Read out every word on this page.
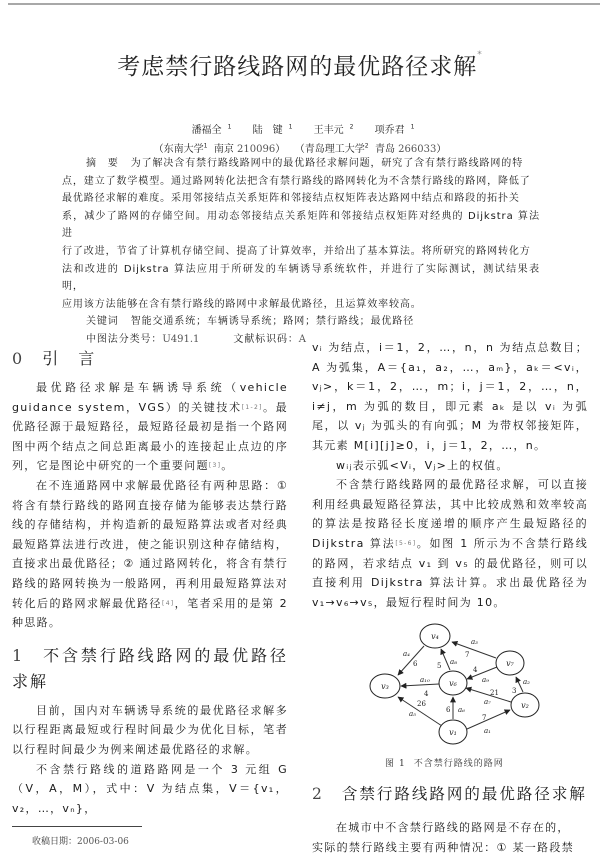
考虑禁行路线路网的最优路径求解*
潘福全 $^1$ 陆　键 $^1$ 王丰元 $^2$ 项乔君 $^1$
（东南大学$^1$ 南京 210096） （青岛理工大学$^2$ 青岛 266033）
摘　要 为了解决含有禁行路线路网中的最优路径求解问题，研究了含有禁行路线路网的特
点，建立了数学模型。通过路网转化法把含有禁行路线的路网转化为不含禁行路线的路网，降低了
最优路径求解的难度。采用邻接结点关系矩阵和邻接结点权矩阵表达路网中结点和路段的拓扑关
系，减少了路网的存储空间。用动态邻接结点关系矩阵和邻接结点权矩阵对经典的 Dijkstra 算法进
行了改进，节省了计算机存储空间、提高了计算效率，并给出了基本算法。将所研究的路网转化方
法和改进的 Dijkstra 算法应用于所研发的车辆诱导系统软件，并进行了实际测试，测试结果表明，
应用该方法能够在含有禁行路线的路网中求解最优路径，且运算效率较高。
关键词 智能交通系统；车辆诱导系统；路网；禁行路线；最优路径
中图法分类号：U491.1	文献标识码：A
0 引　言

最优路径求解是车辆诱导系统（vehicle guidance system，VGS）的关键技术[1-2]。最优路径源于最短路径，最短路径最初是指一个路网图中两个结点之间总距离最小的连接起止点边的序列，它是图论中研究的一个重要问题[3]。

在不连通路网中求解最优路径有两种思路：① 将含有禁行路线的路网直接存储为能够表达禁行路线的存储结构，并构造新的最短路算法或者对经典最短路算法进行改进，使之能识别这种存储结构，直接求出最优路径；② 通过路网转化，将含有禁行路线的路网转换为一般路网，再利用最短路算法对转化后的路网求解最优路径[4]，笔者采用的是第 2 种思路。

1 不含禁行路线路网的最优路径求解

目前，国内对车辆诱导系统的最优路径求解多以行程距离最短或行程时间最少为优化目标，笔者以行程时间最少为例来阐述最优路径的求解。

不含禁行路线的道路路网是一个 3 元组 G（V，A，M），式中：V 为结点集，V＝{v₁，v₂，…，vₙ}，

收稿日期：2006-03-06

vᵢ 为结点，i＝1，2，…，n，n 为结点总数目；A 为弧集，A＝{a₁，a₂，…，aₘ}，aₖ＝<vᵢ，vⱼ>，k＝1，2，…，m；i，j＝1，2，…，n，i≠j，m 为弧的数目，即元素 aₖ 是以 vᵢ 为弧尾，以 vⱼ 为弧头的有向弧；M 为带权邻接矩阵，其元素 M[i][j]≥0，i，j＝1，2，…，n。

wᵢⱼ表示弧<Vᵢ，Vⱼ>上的权值。

不含禁行路线路网的最优路径求解，可以直接利用经典最短路径算法，其中比较成熟和效率较高的算法是按路径长度递增的顺序产生最短路径的 Dijkstra 算法[5-6]。如图 1 所示为不含禁行路线的路网，若求结点 v₁ 到 v₅ 的最优路径，则可以直接利用 Dijkstra 算法计算。求出最优路径为 v₁→v₆→v₅，最短行程时间为 10。

v₁
v₂
v₃
v₄
v₆
v₇
a₁
7
a₂
3
a₃
7
a₄
6
a₅
26
a₆
6
a₇
21
a₈
5
a₉
4
a₁₀
4
图 1 不含禁行路线的路网
2 含禁行路线路网的最优路径求解
在城市中不含禁行路线的路网是不存在的，
实际的禁行路线主要有两种情况：① 某一路段禁
